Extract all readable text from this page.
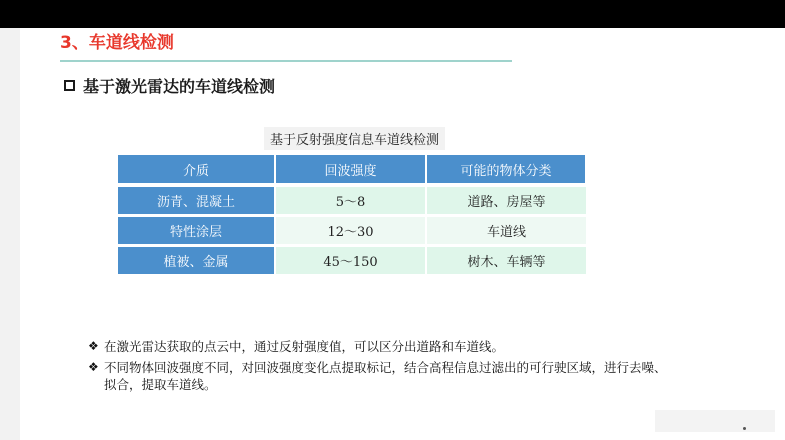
3、车道线检测
基于激光雷达的车道线检测
基于反射强度信息车道线检测
介质	回波强度	可能的物体分类
沥青、混凝土	5～8	道路、房屋等
特性涂层	12～30	车道线
植被、金属	45～150	树木、车辆等
❖ 在激光雷达获取的点云中，通过反射强度值，可以区分出道路和车道线。
❖ 不同物体回波强度不同，对回波强度变化点提取标记，结合高程信息过滤出的可行驶区域，进行去噪、拟合，提取车道线。
